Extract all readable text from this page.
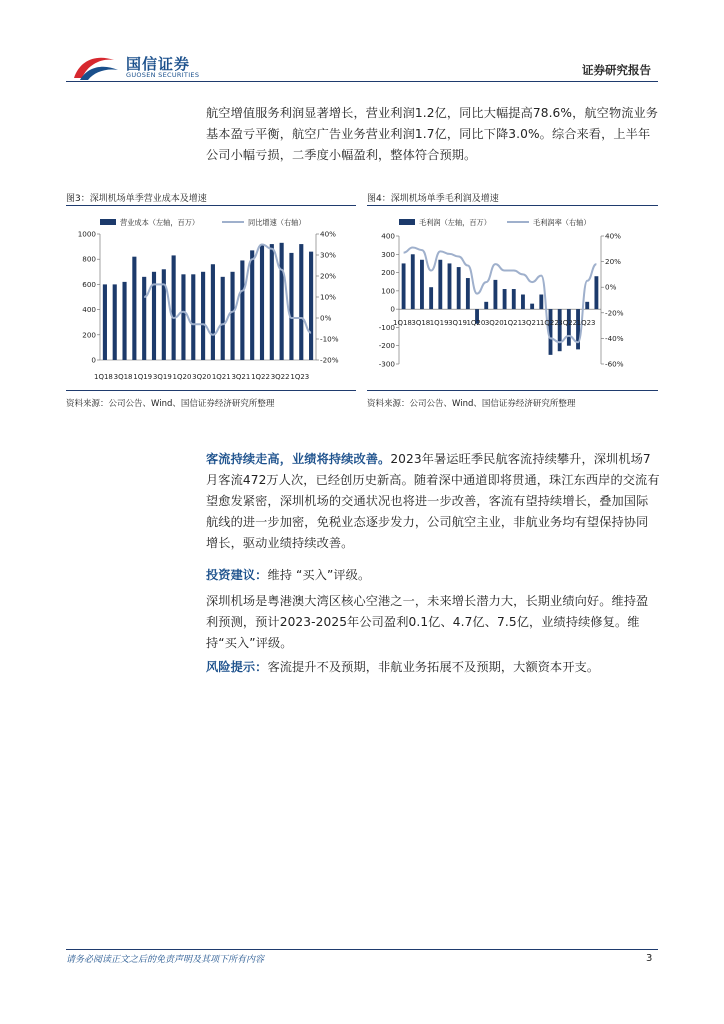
国信证券
GUOSEN SECURITIES	证券研究报告

航空增值服务利润显著增长，营业利润1.2亿，同比大幅提高78.6%，航空物流业务基本盈亏平衡，航空广告业务营业利润1.7亿，同比下降3.0%。综合来看，上半年公司小幅亏损，二季度小幅盈利，整体符合预期。

图3：深圳机场单季营业成本及增速
营业成本（左轴，百万）	同比增速（右轴）
1000
800
600
400
200
0
40%
30%
20%
10%
0%
-10%
-20%
1Q18 3Q18 1Q19 3Q19 1Q20 3Q20 1Q21 3Q21 1Q22 3Q22 1Q23
资料来源：公司公告、Wind、国信证券经济研究所整理
图4：深圳机场单季毛利润及增速
毛利润（左轴，百万）	毛利润率（右轴）
400
300
200
100
0
-100
-200
-300
40%
20%
0%
-20%
-40%
-60%
1Q18 3Q18 1Q19 3Q19 1Q20 3Q20 1Q21 3Q21 1Q22 3Q22 1Q23
资料来源：公司公告、Wind、国信证券经济研究所整理

客流持续走高，业绩将持续改善。2023年暑运旺季民航客流持续攀升，深圳机场7月客流472万人次，已经创历史新高。随着深中通道即将贯通，珠江东西岸的交流有望愈发紧密，深圳机场的交通状况也将进一步改善，客流有望持续增长，叠加国际航线的进一步加密，免税业态逐步发力，公司航空主业，非航业务均有望保持协同增长，驱动业绩持续改善。

投资建议：维持 “买入”评级。

深圳机场是粤港澳大湾区核心空港之一，未来增长潜力大，长期业绩向好。维持盈利预测，预计2023-2025年公司盈利0.1亿、4.7亿、7.5亿，业绩持续修复。维持“买入”评级。

风险提示：客流提升不及预期，非航业务拓展不及预期，大额资本开支。

请务必阅读正文之后的免责声明及其项下所有内容	3
